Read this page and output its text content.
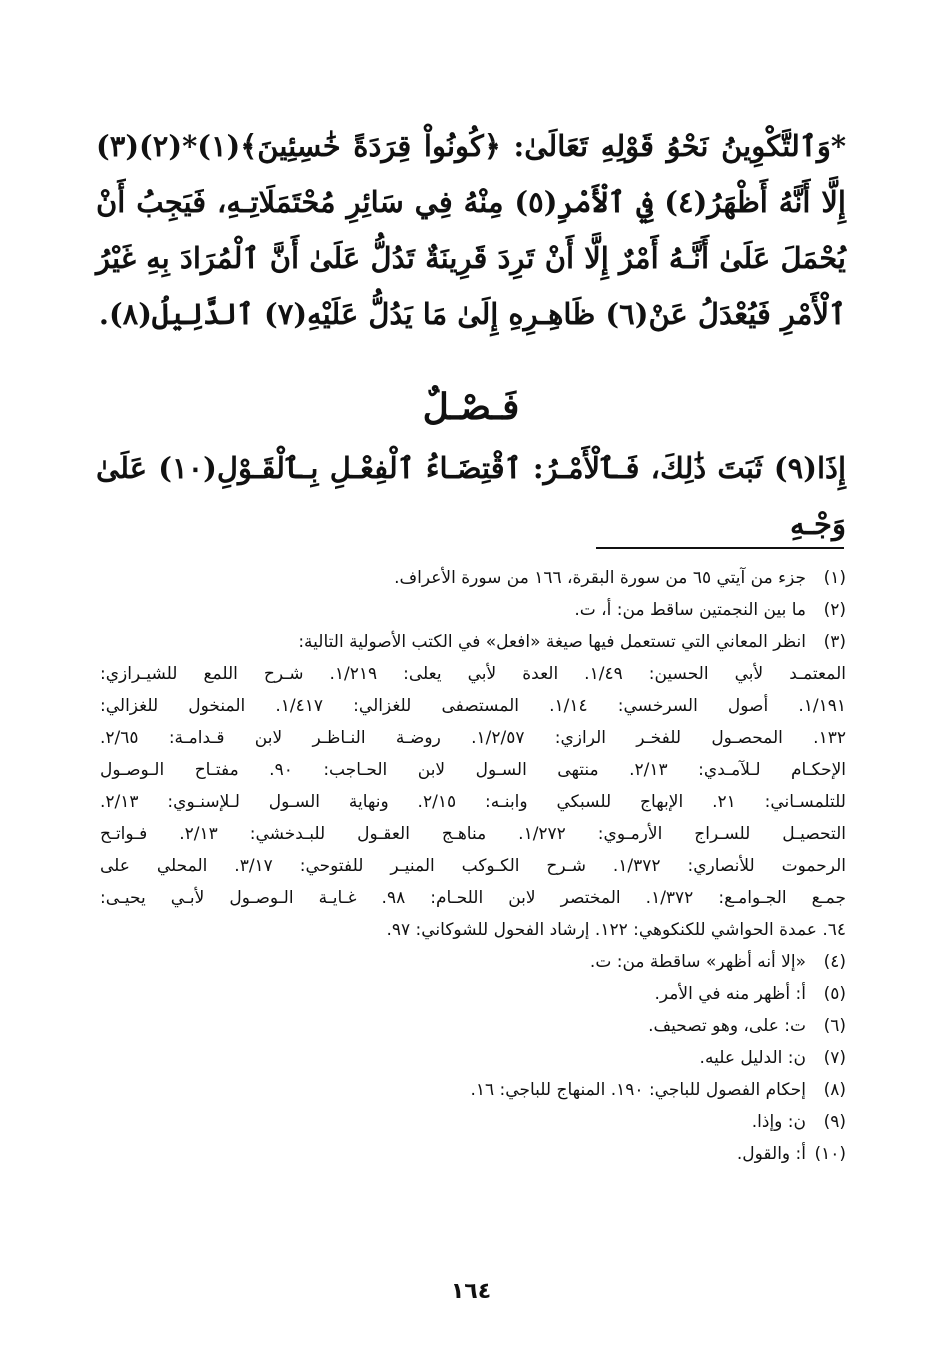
*وَٱلتَّكْوِينُ نَحْوُ قَوْلِهِ تَعَالَىٰ: ﴿كُونُواْ قِرَدَةً خَٰسِئِينَ﴾(١)*(٢)(٣) إِلَّا أَنَّهُ أَظْهَرُ(٤) فِي ٱلْأَمْرِ(٥) مِنْهُ فِي سَائِرِ مُحْتَمَلَاتِـهِ، فَيَجِبُ أَنْ يُحْمَلَ عَلَىٰ أَنَّـهُ أَمْرٌ إِلَّا أَنْ تَرِدَ قَرِينَةٌ تَدُلُّ عَلَىٰ أَنَّ ٱلْمُرَادَ بِهِ غَيْرُ ٱلْأَمْرِ فَيُعْدَلُ عَنْ(٦) ظَاهِـرِهِ إِلَىٰ مَا يَدُلُّ عَلَيْهِ(٧) ٱلدَّلِيلُ(٨).

فَـصْـلٌ
إِذَا(٩) ثَبَتَ ذَٰلِكَ، فَـٱلْأَمْـرُ: ٱقْتِضَـاءُ ٱلْفِعْـلِ بِـٱلْقَـوْلِ(١٠) عَلَىٰ وَجْـهِ
(١)
جزء من آيتي ٦٥ من سورة البقرة، ١٦٦ من سورة الأعراف.
(٢)
ما بين النجمتين ساقط من: أ، ت.
(٣)
انظر المعاني التي تستعمل فيها صيغة «افعل» في الكتب الأصولية التالية:
المعتمـد لأبي الحسين: ١/٤٩. العدة لأبي يعلى: ١/٢١٩. شـرح اللمع للشيـرازي:
١/١٩١. أصول السرخسي: ١/١٤. المستصفى للغزالي: ١/٤١٧. المنخول للغزالي:
١٣٢. المحصـول للفخـر الرازي: ١/٢/٥٧. روضـة النـاظـر لابن قـدامـة: ٢/٦٥.
الإحكـام لـلآمـدي: ٢/١٣. منتهى السـول لابن الحـاجب: ٩٠. مفتـاح الـوصـول
للتلمسـاني: ٢١. الإبهاج للسبكي وابنـه: ٢/١٥. ونهاية السـول لـلإسنـوي: ٢/١٣.
التحصيـل للسـراج الأرمـوي: ١/٢٧٢. مناهـج العقـول للبـدخشي: ٢/١٣. فـواتـح
الرحموت للأنصاري: ١/٣٧٢. شـرح الكـوكب المنيـر للفتوحي: ٣/١٧. المحلي على
جمـع الجـوامـع: ١/٣٧٢. المختصر لابن اللحـام: ٩٨. غـايـة الـوصـول لأبـي يحيـى:
٦٤. عمدة الحواشي للكنكوهي: ١٢٢. إرشاد الفحول للشوكاني: ٩٧.
(٤)
«إلا أنه أظهر» ساقطة من: ت.
(٥)
أ: أظهر منه في الأمر.
(٦)
ت: على، وهو تصحيف.
(٧)
ن: الدليل عليه.
(٨)
إحكام الفصول للباجي: ١٩٠. المنهاج للباجي: ١٦.
(٩)
ن: وإذا.
(١٠)
أ: والقول.
١٦٤
